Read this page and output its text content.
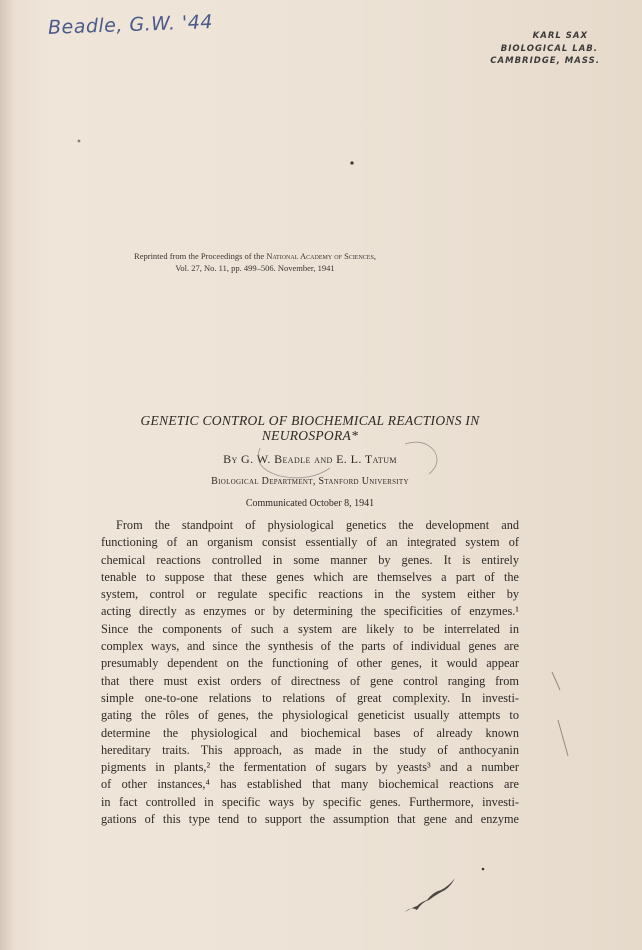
Beadle, G.W. '44	KARL SAX
BIOLOGICAL LAB.
CAMBRIDGE, MASS.
Reprinted from the Proceedings of the National Academy of Sciences,
Vol. 27, No. 11, pp. 499–506. November, 1941
GENETIC CONTROL OF BIOCHEMICAL REACTIONS IN
NEUROSPORA*
By G. W. Beadle and E. L. Tatum
Biological Department, Stanford University
Communicated October 8, 1941
From the standpoint of physiological genetics the development and
functioning of an organism consist essentially of an integrated system of
chemical reactions controlled in some manner by genes. It is entirely
tenable to suppose that these genes which are themselves a part of the
system, control or regulate specific reactions in the system either by
acting directly as enzymes or by determining the specificities of enzymes.¹
Since the components of such a system are likely to be interrelated in
complex ways, and since the synthesis of the parts of individual genes are
presumably dependent on the functioning of other genes, it would appear
that there must exist orders of directness of gene control ranging from
simple one-to-one relations to relations of great complexity. In investi-
gating the rôles of genes, the physiological geneticist usually attempts to
determine the physiological and biochemical bases of already known
hereditary traits. This approach, as made in the study of anthocyanin
pigments in plants,² the fermentation of sugars by yeasts³ and a number
of other instances,⁴ has established that many biochemical reactions are
in fact controlled in specific ways by specific genes. Furthermore, investi-
gations of this type tend to support the assumption that gene and enzyme
